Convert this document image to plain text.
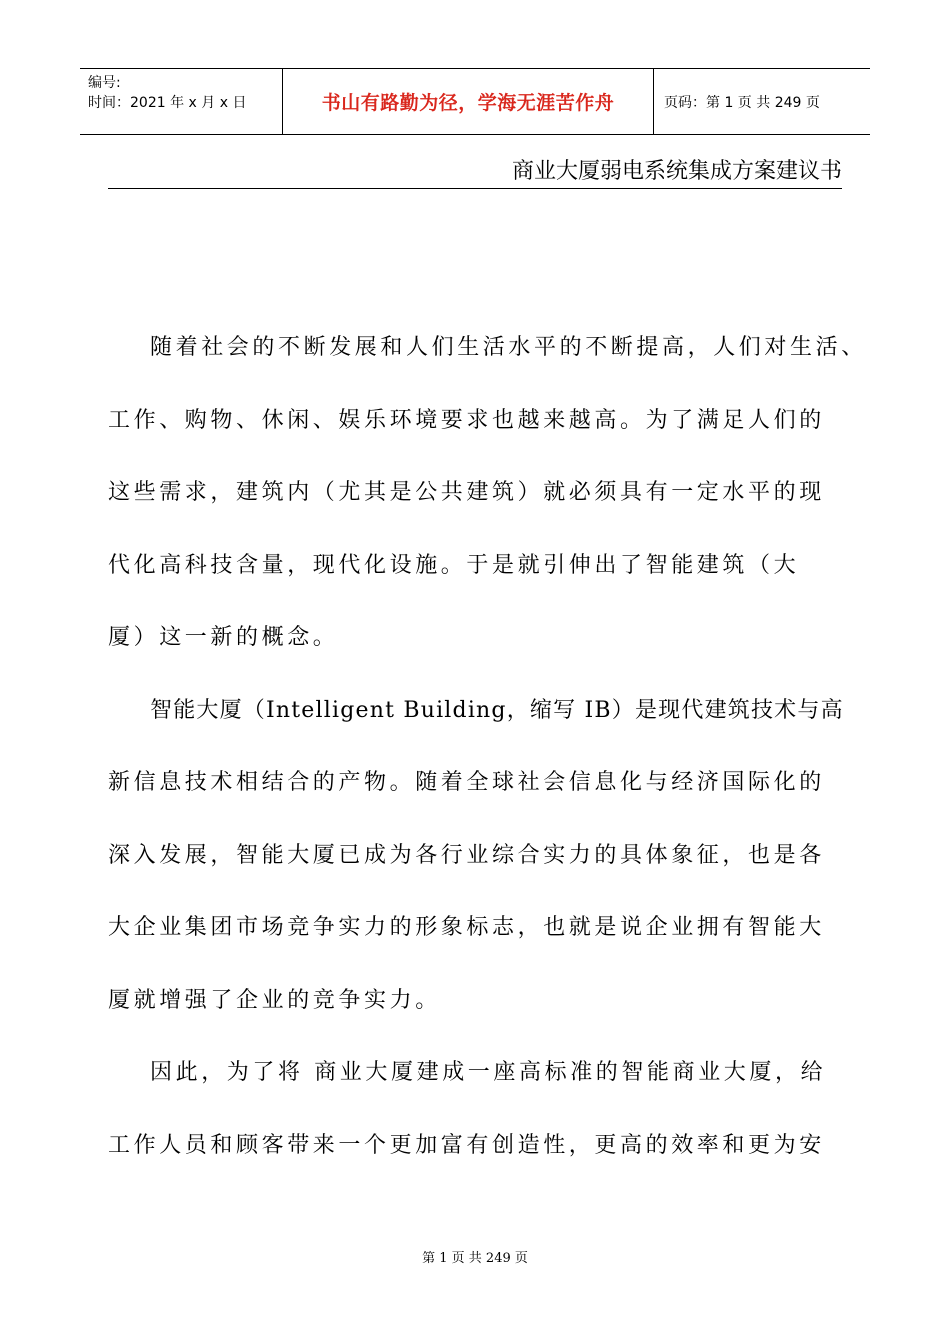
编号:
时间：2021 年 x 月 x 日	书山有路勤为径，学海无涯苦作舟	页码：第 1 页 共 249 页
商业大厦弱电系统集成方案建议书
随着社会的不断发展和人们生活水平的不断提高，人们对生活、
工作、购物、休闲、娱乐环境要求也越来越高。为了满足人们的
这些需求，建筑内（尤其是公共建筑）就必须具有一定水平的现
代化高科技含量，现代化设施。于是就引伸出了智能建筑（大
厦）这一新的概念。
智能大厦（Intelligent Building，缩写 IB）是现代建筑技术与高
新信息技术相结合的产物。随着全球社会信息化与经济国际化的
深入发展，智能大厦已成为各行业综合实力的具体象征，也是各
大企业集团市场竞争实力的形象标志，也就是说企业拥有智能大
厦就增强了企业的竞争实力。
因此，为了将 商业大厦建成一座高标准的智能商业大厦，给
工作人员和顾客带来一个更加富有创造性，更高的效率和更为安
第 1 页 共 249 页
